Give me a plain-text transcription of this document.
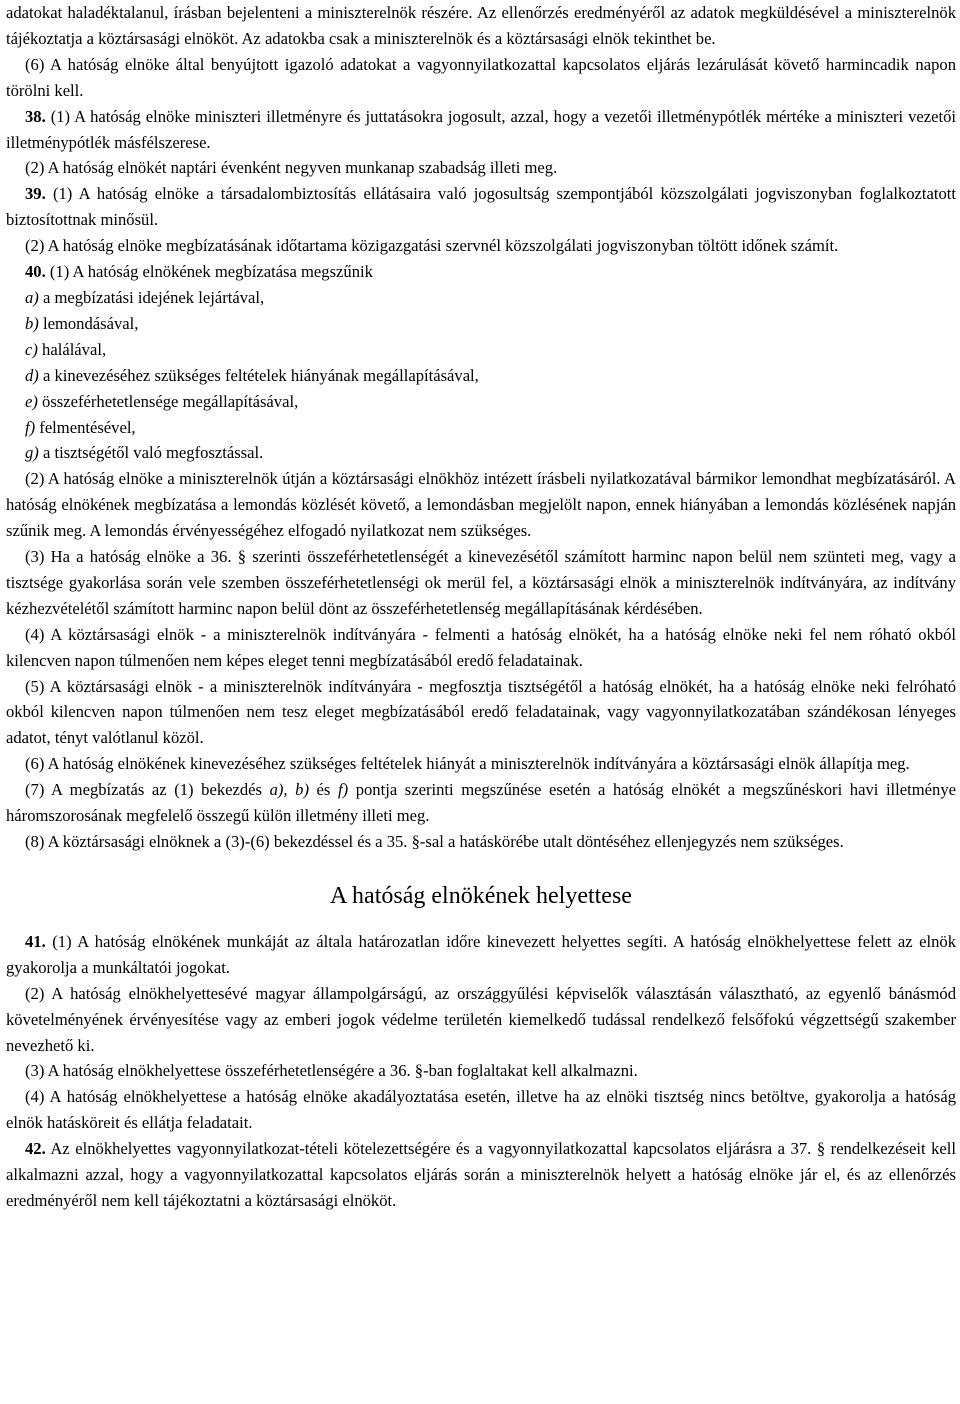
adatokat haladéktalanul, írásban bejelenteni a miniszterelnök részére. Az ellenőrzés eredményéről az adatok megküldésével a miniszterelnök tájékoztatja a köztársasági elnököt. Az adatokba csak a miniszterelnök és a köztársasági elnök tekinthet be.

(6) A hatóság elnöke által benyújtott igazoló adatokat a vagyonnyilatkozattal kapcsolatos eljárás lezárulását követő harmincadik napon törölni kell.

38. (1) A hatóság elnöke miniszteri illetményre és juttatásokra jogosult, azzal, hogy a vezetői illetménypótlék mértéke a miniszteri vezetői illetménypótlék másfélszerese.

(2) A hatóság elnökét naptári évenként negyven munkanap szabadság illeti meg.

39. (1) A hatóság elnöke a társadalombiztosítás ellátásaira való jogosultság szempontjából közszolgálati jogviszonyban foglalkoztatott biztosítottnak minősül.

(2) A hatóság elnöke megbízatásának időtartama közigazgatási szervnél közszolgálati jogviszonyban töltött időnek számít.

40. (1) A hatóság elnökének megbízatása megszűnik

a) a megbízatási idejének lejártával,

b) lemondásával,

c) halálával,

d) a kinevezéséhez szükséges feltételek hiányának megállapításával,

e) összeférhetetlensége megállapításával,

f) felmentésével,

g) a tisztségétől való megfosztással.

(2) A hatóság elnöke a miniszterelnök útján a köztársasági elnökhöz intézett írásbeli nyilatkozatával bármikor lemondhat megbízatásáról. A hatóság elnökének megbízatása a lemondás közlését követő, a lemondásban megjelölt napon, ennek hiányában a lemondás közlésének napján szűnik meg. A lemondás érvényességéhez elfogadó nyilatkozat nem szükséges.

(3) Ha a hatóság elnöke a 36. § szerinti összeférhetetlenségét a kinevezésétől számított harminc napon belül nem szünteti meg, vagy a tisztsége gyakorlása során vele szemben összeférhetetlenségi ok merül fel, a köztársasági elnök a miniszterelnök indítványára, az indítvány kézhezvételétől számított harminc napon belül dönt az összeférhetetlenség megállapításának kérdésében.

(4) A köztársasági elnök - a miniszterelnök indítványára - felmenti a hatóság elnökét, ha a hatóság elnöke neki fel nem róható okból kilencven napon túlmenően nem képes eleget tenni megbízatásából eredő feladatainak.

(5) A köztársasági elnök - a miniszterelnök indítványára - megfosztja tisztségétől a hatóság elnökét, ha a hatóság elnöke neki felróható okból kilencven napon túlmenően nem tesz eleget megbízatásából eredő feladatainak, vagy vagyonnyilatkozatában szándékosan lényeges adatot, tényt valótlanul közöl.

(6) A hatóság elnökének kinevezéséhez szükséges feltételek hiányát a miniszterelnök indítványára a köztársasági elnök állapítja meg.

(7) A megbízatás az (1) bekezdés a), b) és f) pontja szerinti megszűnése esetén a hatóság elnökét a megszűnéskori havi illetménye háromszorosának megfelelő összegű külön illetmény illeti meg.

(8) A köztársasági elnöknek a (3)-(6) bekezdéssel és a 35. §-sal a hatáskörébe utalt döntéséhez ellenjegyzés nem szükséges.

A hatóság elnökének helyettese

41. (1) A hatóság elnökének munkáját az általa határozatlan időre kinevezett helyettes segíti. A hatóság elnökhelyettese felett az elnök gyakorolja a munkáltatói jogokat.

(2) A hatóság elnökhelyettesévé magyar állampolgárságú, az országgyűlési képviselők választásán választható, az egyenlő bánásmód követelményének érvényesítése vagy az emberi jogok védelme területén kiemelkedő tudással rendelkező felsőfokú végzettségű szakember nevezhető ki.

(3) A hatóság elnökhelyettese összeférhetetlenségére a 36. §-ban foglaltakat kell alkalmazni.

(4) A hatóság elnökhelyettese a hatóság elnöke akadályoztatása esetén, illetve ha az elnöki tisztség nincs betöltve, gyakorolja a hatóság elnök hatásköreit és ellátja feladatait.

42. Az elnökhelyettes vagyonnyilatkozat-tételi kötelezettségére és a vagyonnyilatkozattal kapcsolatos eljárásra a 37. § rendelkezéseit kell alkalmazni azzal, hogy a vagyonnyilatkozattal kapcsolatos eljárás során a miniszterelnök helyett a hatóság elnöke jár el, és az ellenőrzés eredményéről nem kell tájékoztatni a köztársasági elnököt.
